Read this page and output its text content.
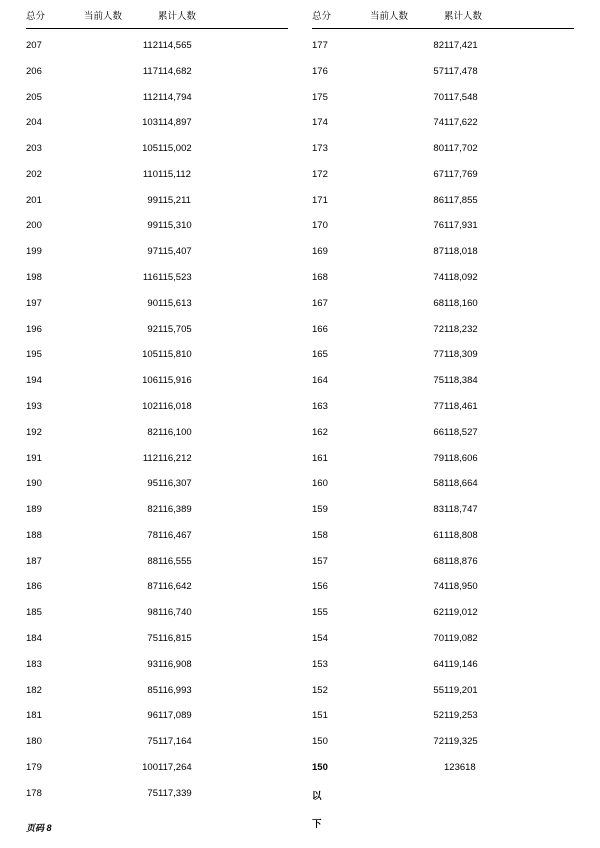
总分	当前人数	累计人数
207	112	114,565
206	117	114,682
205	112	114,794
204	103	114,897
203	105	115,002
202	110	115,112
201	99	115,211
200	99	115,310
199	97	115,407
198	116	115,523
197	90	115,613
196	92	115,705
195	105	115,810
194	106	115,916
193	102	116,018
192	82	116,100
191	112	116,212
190	95	116,307
189	82	116,389
188	78	116,467
187	88	116,555
186	87	116,642
185	98	116,740
184	75	116,815
183	93	116,908
182	85	116,993
181	96	117,089
180	75	117,164
179	100	117,264
178	75	117,339
总分	当前人数	累计人数
177	82	117,421
176	57	117,478
175	70	117,548
174	74	117,622
173	80	117,702
172	67	117,769
171	86	117,855
170	76	117,931
169	87	118,018
168	74	118,092
167	68	118,160
166	72	118,232
165	77	118,309
164	75	118,384
163	77	118,461
162	66	118,527
161	79	118,606
160	58	118,664
159	83	118,747
158	61	118,808
157	68	118,876
156	74	118,950
155	62	119,012
154	70	119,082
153	64	119,146
152	55	119,201
151	52	119,253
150	72	119,325
150		123618
以		
下		
页码 8
